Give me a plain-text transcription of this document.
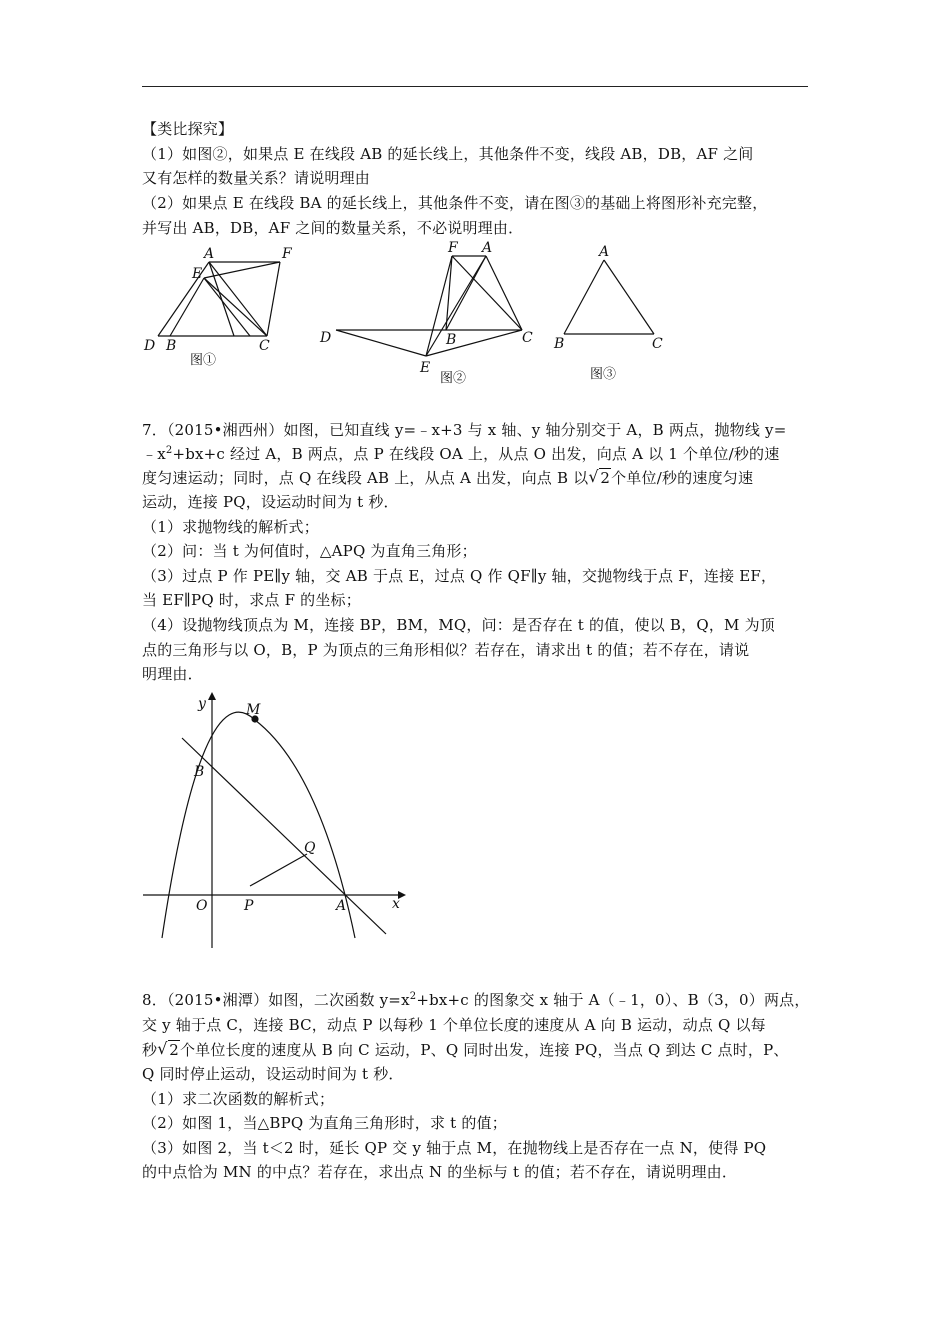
【类比探究】
（1）如图②，如果点 E 在线段 AB 的延长线上，其他条件不变，线段 AB，DB，AF 之间
又有怎样的数量关系？请说明理由
（2）如果点 E 在线段 BA 的延长线上，其他条件不变，请在图③的基础上将图形补充完整，
并写出 AB，DB，AF 之间的数量关系，不必说明理由．
A
E
F
D B	C
图①
F A
D	B	C
E
图②
A
B	C
图③
7．（2015•湘西州）如图，已知直线 y=﹣x+3 与 x 轴、y 轴分别交于 A，B 两点，抛物线 y=
$﹣x^2+bx+c$ 经过 A，B 两点，点 P 在线段 OA 上，从点 O 出发，向点 A 以 1 个单位/秒的速
度匀速运动；同时，点 Q 在线段 AB 上，从点 A 出发，向点 B 以 √ 2个单位/秒的速度匀速
运动，连接 PQ，设运动时间为 t 秒．
（1）求抛物线的解析式；
（2）问：当 t 为何值时，△APQ 为直角三角形；
（3）过点 P 作 PE∥y 轴，交 AB 于点 E，过点 Q 作 QF∥y 轴，交抛物线于点 F，连接 EF，
当 EF∥PQ 时，求点 F 的坐标；
（4）设抛物线顶点为 M，连接 BP，BM，MQ，问：是否存在 t 的值，使以 B，Q，M 为顶
点的三角形与以 O，B，P 为顶点的三角形相似？若存在，请求出 t 的值；若不存在，请说
明理由．
y	M
B
Q
O	P	A	x
8．（2015•湘潭）如图，二次函数 $y=x^2+bx+c$ 的图象交 x 轴于 A（﹣1，0）、B（3，0）两点，
交 y 轴于点 C，连接 BC，动点 P 以每秒 1 个单位长度的速度从 A 向 B 运动，动点 Q 以每
秒 √ 2个单位长度的速度从 B 向 C 运动，P、Q 同时出发，连接 PQ，当点 Q 到达 C 点时，P、
Q 同时停止运动，设运动时间为 t 秒．
（1）求二次函数的解析式；
（2）如图 1，当△BPQ 为直角三角形时，求 t 的值；
（3）如图 2，当 t＜2 时，延长 QP 交 y 轴于点 M，在抛物线上是否存在一点 N，使得 PQ
的中点恰为 MN 的中点？若存在，求出点 N 的坐标与 t 的值；若不存在，请说明理由．
